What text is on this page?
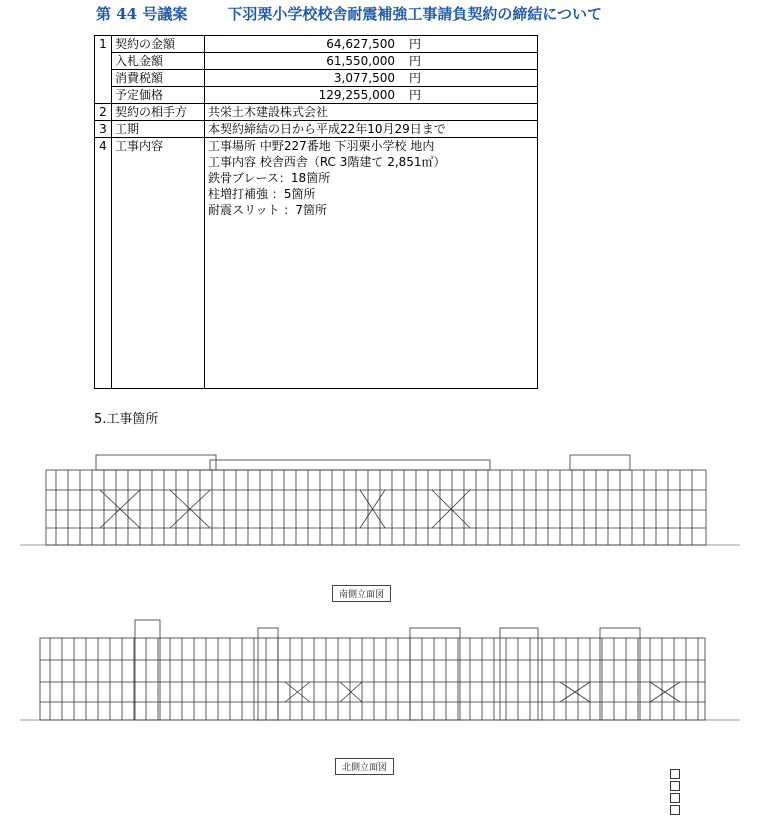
第 44 号議案	下羽栗小学校校舎耐震補強工事請負契約の締結について
1	契約の金額	64,627,500 円
	入札金額	61,550,000 円
	消費税額	3,077,500 円
	予定価格	129,255,000 円
2	契約の相手方	共栄土木建設株式会社
3	工期	本契約締結の日から平成22年10月29日まで
4	工事内容	工事場所 中野227番地 下羽栗小学校 地内
工事内容 校舎西舎（RC 3階建て 2,851㎡）
鉄骨ブレース：18箇所
柱増打補強 ：5箇所
耐震スリット ：7箇所
5.工事箇所
南側立面図
北側立面図
